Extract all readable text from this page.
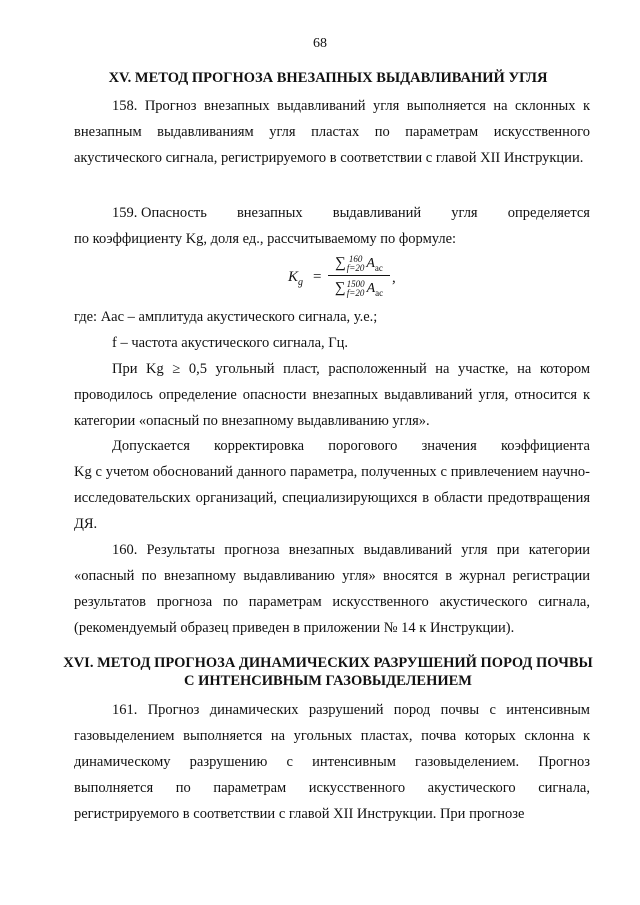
68
XV. МЕТОД ПРОГНОЗА ВНЕЗАПНЫХ ВЫДАВЛИВАНИЙ УГЛЯ
158. Прогноз внезапных выдавливаний угля выполняется на склонных к внезапным выдавливаниям угля пластах по параметрам искусственного акустического сигнала, регистрируемого в соответствии с главой XII Инструкции.
159. Опасность внезапных выдавливаний угля определяется
по коэффициенту Kg, доля ед., рассчитываемому по формуле:
$K_g$ =
∑ 160
f=20 $A_{ac}$
∑ 1500
f=20 $A_{ac}$
,
где: Aас – амплитуда акустического сигнала, у.е.;
f – частота акустического сигнала, Гц.
При Kg ≥ 0,5 угольный пласт, расположенный на участке, на котором проводилось определение опасности внезапных выдавливаний угля, относится к категории «опасный по внезапному выдавливанию угля».
Допускается корректировка порогового значения коэффициента
Kg с учетом обоснований данного параметра, полученных с привлечением научно-исследовательских организаций, специализирующихся в области предотвращения ДЯ.
160. Результаты прогноза внезапных выдавливаний угля при категории «опасный по внезапному выдавливанию угля» вносятся в журнал регистрации результатов прогноза по параметрам искусственного акустического сигнала, (рекомендуемый образец приведен в приложении № 14 к Инструкции).
XVI. МЕТОД ПРОГНОЗА ДИНАМИЧЕСКИХ РАЗРУШЕНИЙ ПОРОД ПОЧВЫ
С ИНТЕНСИВНЫМ ГАЗОВЫДЕЛЕНИЕМ
161. Прогноз динамических разрушений пород почвы с интенсивным газовыделением выполняется на угольных пластах, почва которых склонна к динамическому разрушению с интенсивным газовыделением. Прогноз выполняется по параметрам искусственного акустического сигнала, регистрируемого в соответствии с главой XII Инструкции. При прогнозе
